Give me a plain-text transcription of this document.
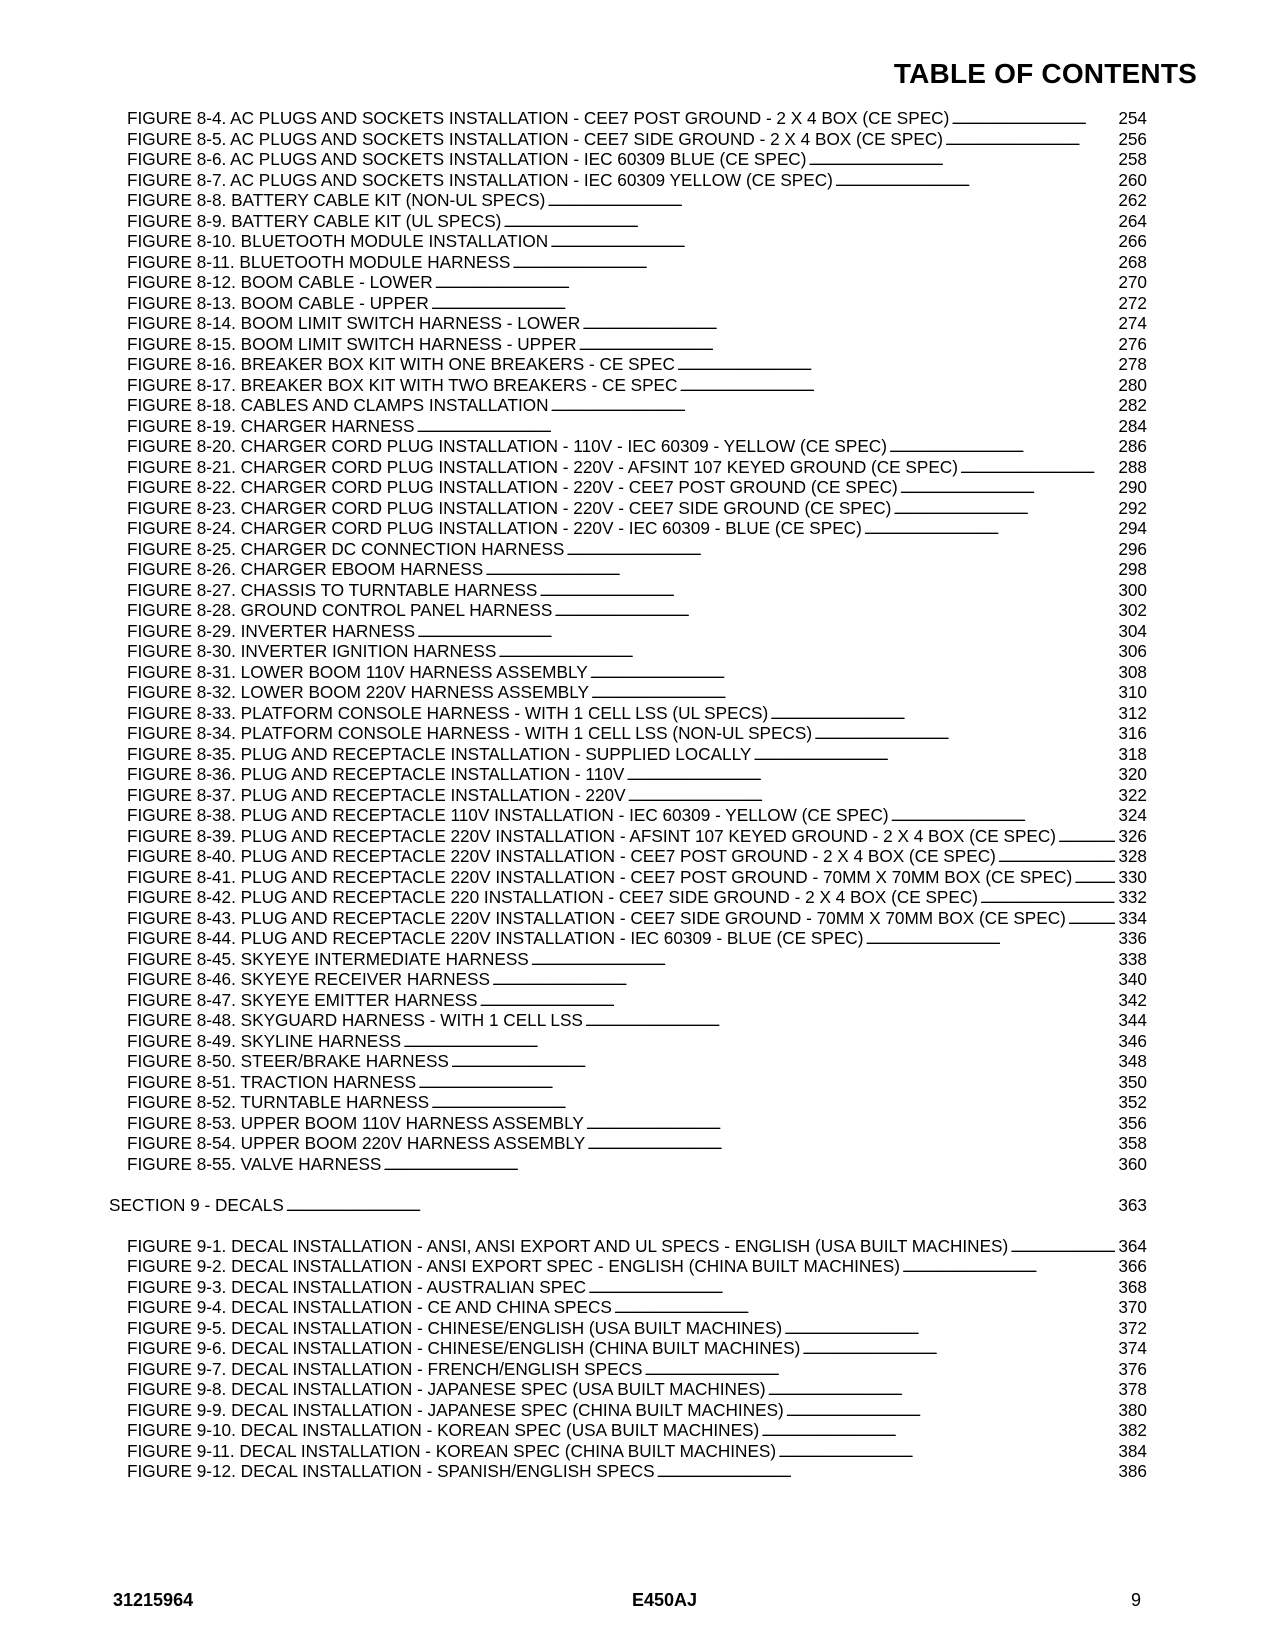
TABLE OF CONTENTS
FIGURE 8-4. AC PLUGS AND SOCKETS INSTALLATION - CEE7 POST GROUND - 2 X 4 BOX (CE SPEC) . . .	254
FIGURE 8-5. AC PLUGS AND SOCKETS INSTALLATION - CEE7 SIDE GROUND - 2 X 4 BOX (CE SPEC) . . .	256
FIGURE 8-6. AC PLUGS AND SOCKETS INSTALLATION - IEC 60309 BLUE (CE SPEC) . . .	258
FIGURE 8-7. AC PLUGS AND SOCKETS INSTALLATION - IEC 60309 YELLOW (CE SPEC) . . .	260
FIGURE 8-8. BATTERY CABLE KIT (NON-UL SPECS) . . .	262
FIGURE 8-9. BATTERY CABLE KIT (UL SPECS) . . .	264
FIGURE 8-10. BLUETOOTH MODULE INSTALLATION . . .	266
FIGURE 8-11. BLUETOOTH MODULE HARNESS . . .	268
FIGURE 8-12. BOOM CABLE - LOWER . . .	270
FIGURE 8-13. BOOM CABLE - UPPER . . .	272
FIGURE 8-14. BOOM LIMIT SWITCH HARNESS - LOWER . . .	274
FIGURE 8-15. BOOM LIMIT SWITCH HARNESS - UPPER . . .	276
FIGURE 8-16. BREAKER BOX KIT WITH ONE BREAKERS - CE SPEC . . .	278
FIGURE 8-17. BREAKER BOX KIT WITH TWO BREAKERS - CE SPEC . . .	280
FIGURE 8-18. CABLES AND CLAMPS INSTALLATION . . .	282
FIGURE 8-19. CHARGER HARNESS . . .	284
FIGURE 8-20. CHARGER CORD PLUG INSTALLATION - 110V - IEC 60309 - YELLOW (CE SPEC) . . .	286
FIGURE 8-21. CHARGER CORD PLUG INSTALLATION - 220V - AFSINT 107 KEYED GROUND (CE SPEC) . . .	288
FIGURE 8-22. CHARGER CORD PLUG INSTALLATION - 220V - CEE7 POST GROUND (CE SPEC) . . .	290
FIGURE 8-23. CHARGER CORD PLUG INSTALLATION - 220V - CEE7 SIDE GROUND (CE SPEC) . . .	292
FIGURE 8-24. CHARGER CORD PLUG INSTALLATION - 220V - IEC 60309 - BLUE (CE SPEC) . . .	294
FIGURE 8-25. CHARGER DC CONNECTION HARNESS . . .	296
FIGURE 8-26. CHARGER EBOOM HARNESS . . .	298
FIGURE 8-27. CHASSIS TO TURNTABLE HARNESS . . .	300
FIGURE 8-28. GROUND CONTROL PANEL HARNESS . . .	302
FIGURE 8-29. INVERTER HARNESS . . .	304
FIGURE 8-30. INVERTER IGNITION HARNESS . . .	306
FIGURE 8-31. LOWER BOOM 110V HARNESS ASSEMBLY . . .	308
FIGURE 8-32. LOWER BOOM 220V HARNESS ASSEMBLY . . .	310
FIGURE 8-33. PLATFORM CONSOLE HARNESS - WITH 1 CELL LSS (UL SPECS) . . .	312
FIGURE 8-34. PLATFORM CONSOLE HARNESS - WITH 1 CELL LSS (NON-UL SPECS) . . .	316
FIGURE 8-35. PLUG AND RECEPTACLE INSTALLATION - SUPPLIED LOCALLY . . .	318
FIGURE 8-36. PLUG AND RECEPTACLE INSTALLATION - 110V . . .	320
FIGURE 8-37. PLUG AND RECEPTACLE INSTALLATION - 220V . . .	322
FIGURE 8-38. PLUG AND RECEPTACLE 110V INSTALLATION - IEC 60309 - YELLOW (CE SPEC) . . .	324
FIGURE 8-39. PLUG AND RECEPTACLE 220V INSTALLATION - AFSINT 107 KEYED GROUND - 2 X 4 BOX (CE SPEC) . . .	326
FIGURE 8-40. PLUG AND RECEPTACLE 220V INSTALLATION - CEE7 POST GROUND - 2 X 4 BOX (CE SPEC) . . .	328
FIGURE 8-41. PLUG AND RECEPTACLE 220V INSTALLATION - CEE7 POST GROUND - 70MM X 70MM BOX (CE SPEC) . . .	330
FIGURE 8-42. PLUG AND RECEPTACLE 220 INSTALLATION - CEE7 SIDE GROUND - 2 X 4 BOX (CE SPEC) . . .	332
FIGURE 8-43. PLUG AND RECEPTACLE 220V INSTALLATION - CEE7 SIDE GROUND - 70MM X 70MM BOX (CE SPEC) . . .	334
FIGURE 8-44. PLUG AND RECEPTACLE 220V INSTALLATION - IEC 60309 - BLUE (CE SPEC) . . .	336
FIGURE 8-45. SKYEYE INTERMEDIATE HARNESS . . .	338
FIGURE 8-46. SKYEYE RECEIVER HARNESS . . .	340
FIGURE 8-47. SKYEYE EMITTER HARNESS . . .	342
FIGURE 8-48. SKYGUARD HARNESS - WITH 1 CELL LSS . . .	344
FIGURE 8-49. SKYLINE HARNESS . . .	346
FIGURE 8-50. STEER/BRAKE HARNESS . . .	348
FIGURE 8-51. TRACTION HARNESS . . .	350
FIGURE 8-52. TURNTABLE HARNESS . . .	352
FIGURE 8-53. UPPER BOOM 110V HARNESS ASSEMBLY . . .	356
FIGURE 8-54. UPPER BOOM 220V HARNESS ASSEMBLY . . .	358
FIGURE 8-55. VALVE HARNESS . . .	360
SECTION 9 - DECALS . . .	363
FIGURE 9-1. DECAL INSTALLATION - ANSI, ANSI EXPORT AND UL SPECS - ENGLISH (USA BUILT MACHINES) . . .	364
FIGURE 9-2. DECAL INSTALLATION - ANSI EXPORT SPEC - ENGLISH (CHINA BUILT MACHINES) . . .	366
FIGURE 9-3. DECAL INSTALLATION - AUSTRALIAN SPEC . . .	368
FIGURE 9-4. DECAL INSTALLATION - CE AND CHINA SPECS . . .	370
FIGURE 9-5. DECAL INSTALLATION - CHINESE/ENGLISH (USA BUILT MACHINES) . . .	372
FIGURE 9-6. DECAL INSTALLATION - CHINESE/ENGLISH (CHINA BUILT MACHINES) . . .	374
FIGURE 9-7. DECAL INSTALLATION - FRENCH/ENGLISH SPECS . . .	376
FIGURE 9-8. DECAL INSTALLATION - JAPANESE SPEC (USA BUILT MACHINES) . . .	378
FIGURE 9-9. DECAL INSTALLATION - JAPANESE SPEC (CHINA BUILT MACHINES) . . .	380
FIGURE 9-10. DECAL INSTALLATION - KOREAN SPEC (USA BUILT MACHINES) . . .	382
FIGURE 9-11. DECAL INSTALLATION - KOREAN SPEC (CHINA BUILT MACHINES) . . .	384
FIGURE 9-12. DECAL INSTALLATION - SPANISH/ENGLISH SPECS . . .	386
31215964	E450AJ	9
